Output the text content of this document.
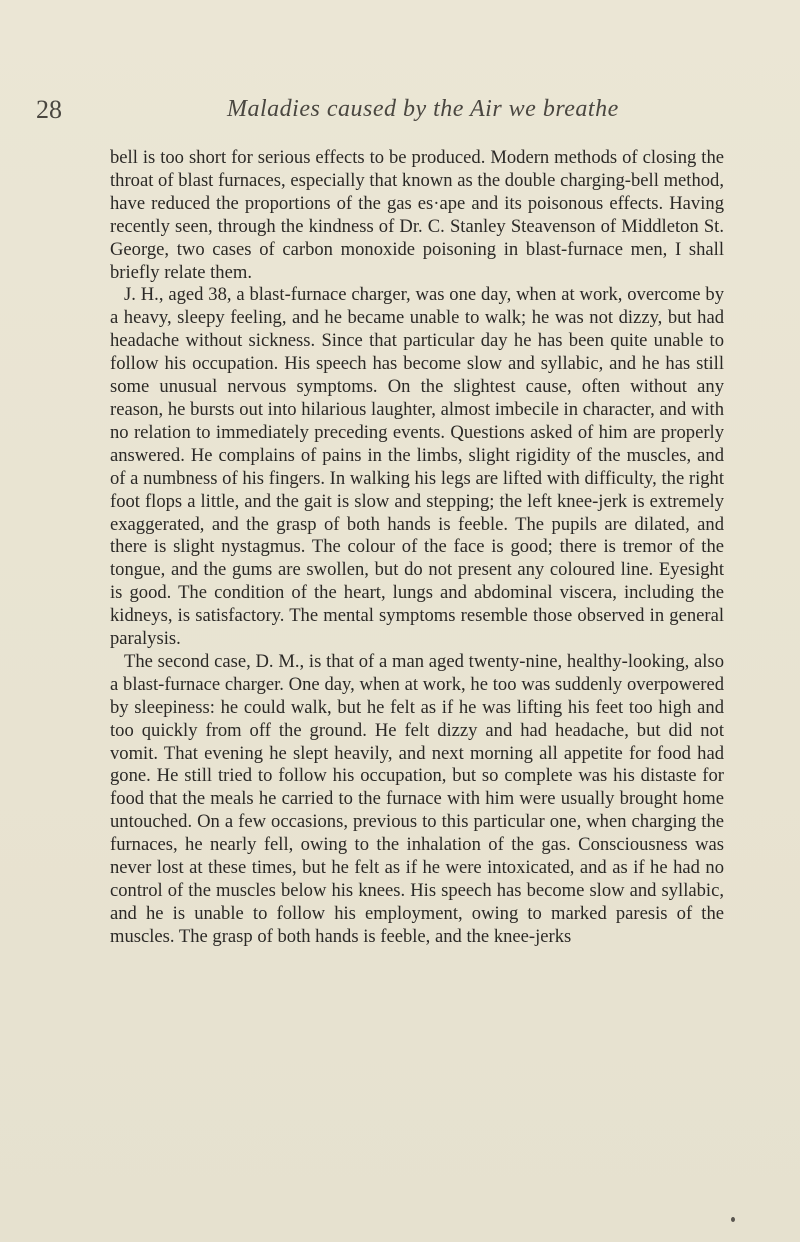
28	Maladies caused by the Air we breathe

bell is too short for serious effects to be produced. Modern methods of closing the throat of blast furnaces, especially that known as the double charging-bell method, have reduced the proportions of the gas es·ape and its poisonous effects. Having recently seen, through the kindness of Dr. C. Stanley Steavenson of Middleton St. George, two cases of carbon monoxide poisoning in blast-furnace men, I shall briefly relate them.

J. H., aged 38, a blast-furnace charger, was one day, when at work, overcome by a heavy, sleepy feeling, and he became unable to walk; he was not dizzy, but had headache without sickness. Since that particular day he has been quite unable to follow his occupation. His speech has become slow and syllabic, and he has still some unusual nervous symptoms. On the slightest cause, often without any reason, he bursts out into hilarious laughter, almost imbecile in character, and with no relation to immediately preceding events. Questions asked of him are properly answered. He complains of pains in the limbs, slight rigidity of the muscles, and of a numbness of his fingers. In walking his legs are lifted with difficulty, the right foot flops a little, and the gait is slow and stepping; the left knee-jerk is extremely exaggerated, and the grasp of both hands is feeble. The pupils are dilated, and there is slight nystagmus. The colour of the face is good; there is tremor of the tongue, and the gums are swollen, but do not present any coloured line. Eyesight is good. The condition of the heart, lungs and abdominal viscera, including the kidneys, is satisfactory. The mental symptoms resemble those observed in general paralysis.

The second case, D. M., is that of a man aged twenty-nine, healthy-looking, also a blast-furnace charger. One day, when at work, he too was suddenly overpowered by sleepiness: he could walk, but he felt as if he was lifting his feet too high and too quickly from off the ground. He felt dizzy and had headache, but did not vomit. That evening he slept heavily, and next morning all appetite for food had gone. He still tried to follow his occupation, but so complete was his distaste for food that the meals he carried to the furnace with him were usually brought home untouched. On a few occasions, previous to this particular one, when charging the furnaces, he nearly fell, owing to the inhalation of the gas. Consciousness was never lost at these times, but he felt as if he were intoxicated, and as if he had no control of the muscles below his knees. His speech has become slow and syllabic, and he is unable to follow his employment, owing to marked paresis of the muscles. The grasp of both hands is feeble, and the knee-jerks
